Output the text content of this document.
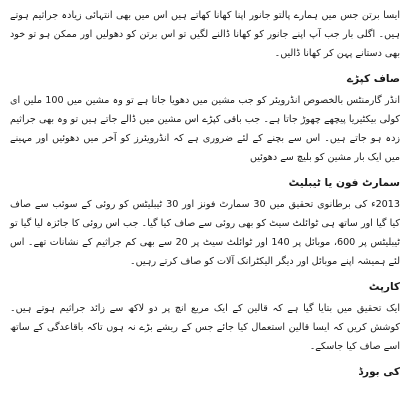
ایسا برتن جس میں ہمارے پالتو جانور اپنا کھانا کھاتے ہیں اس میں بھی انتہائی زیادہ جراثیم ہوتے ہیں۔ اگلی بار جب آپ اپنے جانور کو کھانا ڈالنے لگیں تو اس برتن کو دھولیں اور ممکن ہو تو خود بھی دستانے پہن کر کھانا ڈالیں۔

صاف کپڑے

انڈر گارمنٹس بالخصوص انڈرویئر کو جب مشین میں دھویا جاتا ہے تو وہ مشین میں 100 ملین ای کولی بیکٹیریا پیچھے چھوڑ جاتا ہے۔ جب باقی کپڑے اس مشین میں ڈالے جاتے ہیں تو وہ بھی جراثیم زدہ ہو جاتے ہیں۔ اس سے بچنے کے لئے ضروری ہے کہ انڈرویئرز کو آخر میں دھوئیں اور مہینے میں ایک بار مشین کو بلیچ سے دھوئیں

سمارٹ فون یا ٹیبلیٹ

2013ء کی برطانوی تحقیق میں 30 سمارٹ فونز اور 30 ٹیبلیٹس کو روئی کے سوئب سے صاف کیا گیا اور ساتھ ہی ٹوائلٹ سیٹ کو بھی روئی سے صاف کیا گیا۔ جب اس روئی کا جائزہ لیا گیا تو ٹیبلیٹس پر 600، موبائل پر 140 اور ٹوائلٹ سیٹ پر 20 سے بھی کم جراثیم کے نشانات تھے۔ اس لئے ہمیشہ اپنے موبائل اور دیگر الیکٹرانک آلات کو صاف کرتے رہیں۔

کارپٹ

ایک تحقیق میں بتایا گیا ہے کہ قالین کے ایک مربع انچ پر دو لاکھ سے زائد جراثیم ہوتے ہیں۔ کوشش کریں کہ ایسا قالین استعمال کیا جائے جس کے ریشے بڑے نہ ہوں تاکہ باقاعدگی کے ساتھ اسے صاف کیا جاسکے۔

کی بورڈ
